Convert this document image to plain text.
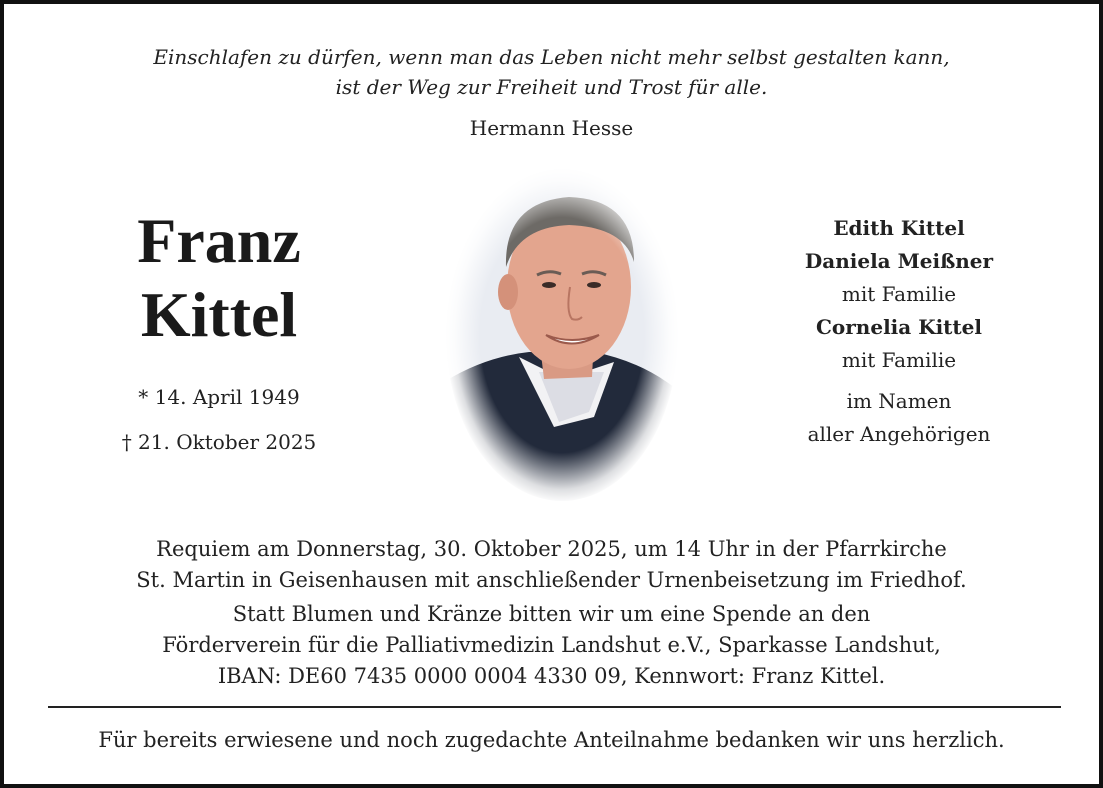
Einschlafen zu dürfen, wenn man das Leben nicht mehr selbst gestalten kann,
ist der Weg zur Freiheit und Trost für alle.
Hermann Hesse
Franz
Kittel
* 14. April 1949
† 21. Oktober 2025
Edith Kittel
Daniela Meißner
mit Familie
Cornelia Kittel
mit Familie
im Namen
aller Angehörigen
Requiem am Donnerstag, 30. Oktober 2025, um 14 Uhr in der Pfarrkirche
St. Martin in Geisenhausen mit anschließender Urnenbeisetzung im Friedhof.
Statt Blumen und Kränze bitten wir um eine Spende an den
Förderverein für die Palliativmedizin Landshut e.V., Sparkasse Landshut,
IBAN: DE60 7435 0000 0004 4330 09, Kennwort: Franz Kittel.
Für bereits erwiesene und noch zugedachte Anteilnahme bedanken wir uns herzlich.
